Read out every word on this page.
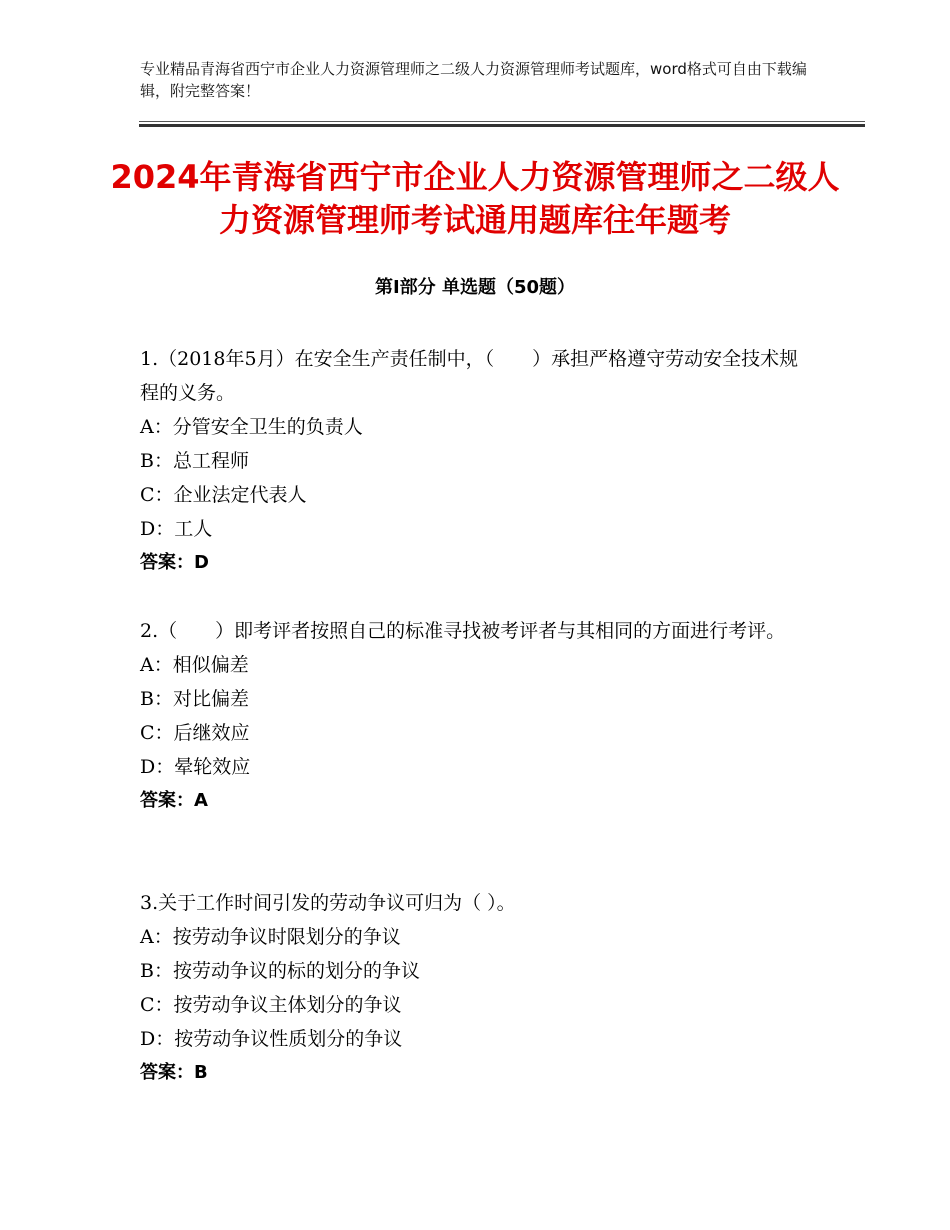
专业精品青海省西宁市企业人力资源管理师之二级人力资源管理师考试题库，word格式可自由下载编辑，附完整答案！
2024年青海省西宁市企业人力资源管理师之二级人力资源管理师考试通用题库往年题考
第Ⅰ部分 单选题（50题）
1.（2018年5月）在安全生产责任制中，（　　）承担严格遵守劳动安全技术规程的义务。
A：分管安全卫生的负责人
B：总工程师
C：企业法定代表人
D：工人
答案：D
2.（　　）即考评者按照自己的标准寻找被考评者与其相同的方面进行考评。
A：相似偏差
B：对比偏差
C：后继效应
D：晕轮效应
答案：A
3.关于工作时间引发的劳动争议可归为（ ）。
A：按劳动争议时限划分的争议
B：按劳动争议的标的划分的争议
C：按劳动争议主体划分的争议
D：按劳动争议性质划分的争议
答案：B
